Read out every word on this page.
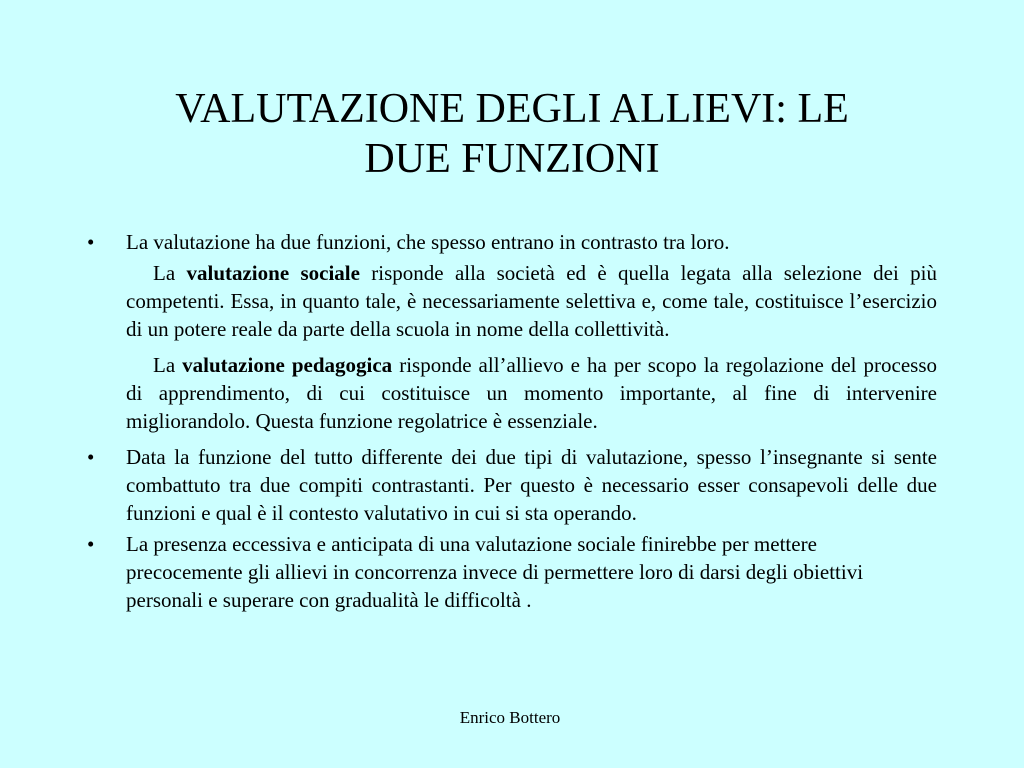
VALUTAZIONE DEGLI ALLIEVI: LE
DUE FUNZIONI
• La valutazione ha due funzioni, che spesso entrano in contrasto tra loro.

La valutazione sociale risponde alla società ed è quella legata alla selezione dei più competenti. Essa, in quanto tale, è necessariamente selettiva e, come tale, costituisce l’esercizio di un potere reale da parte della scuola in nome della collettività.

La valutazione pedagogica risponde all’allievo e ha per scopo la regolazione del processo di apprendimento, di cui costituisce un momento importante, al fine di intervenire migliorandolo. Questa funzione regolatrice è essenziale.

• Data la funzione del tutto differente dei due tipi di valutazione, spesso l’insegnante si sente combattuto tra due compiti contrastanti. Per questo è necessario esser consapevoli delle due funzioni e qual è il contesto valutativo in cui si sta operando.
• La presenza eccessiva e anticipata di una valutazione sociale finirebbe per mettere precocemente gli allievi in concorrenza invece di permettere loro di darsi degli obiettivi personali e superare con gradualità le difficoltà .
Enrico Bottero
